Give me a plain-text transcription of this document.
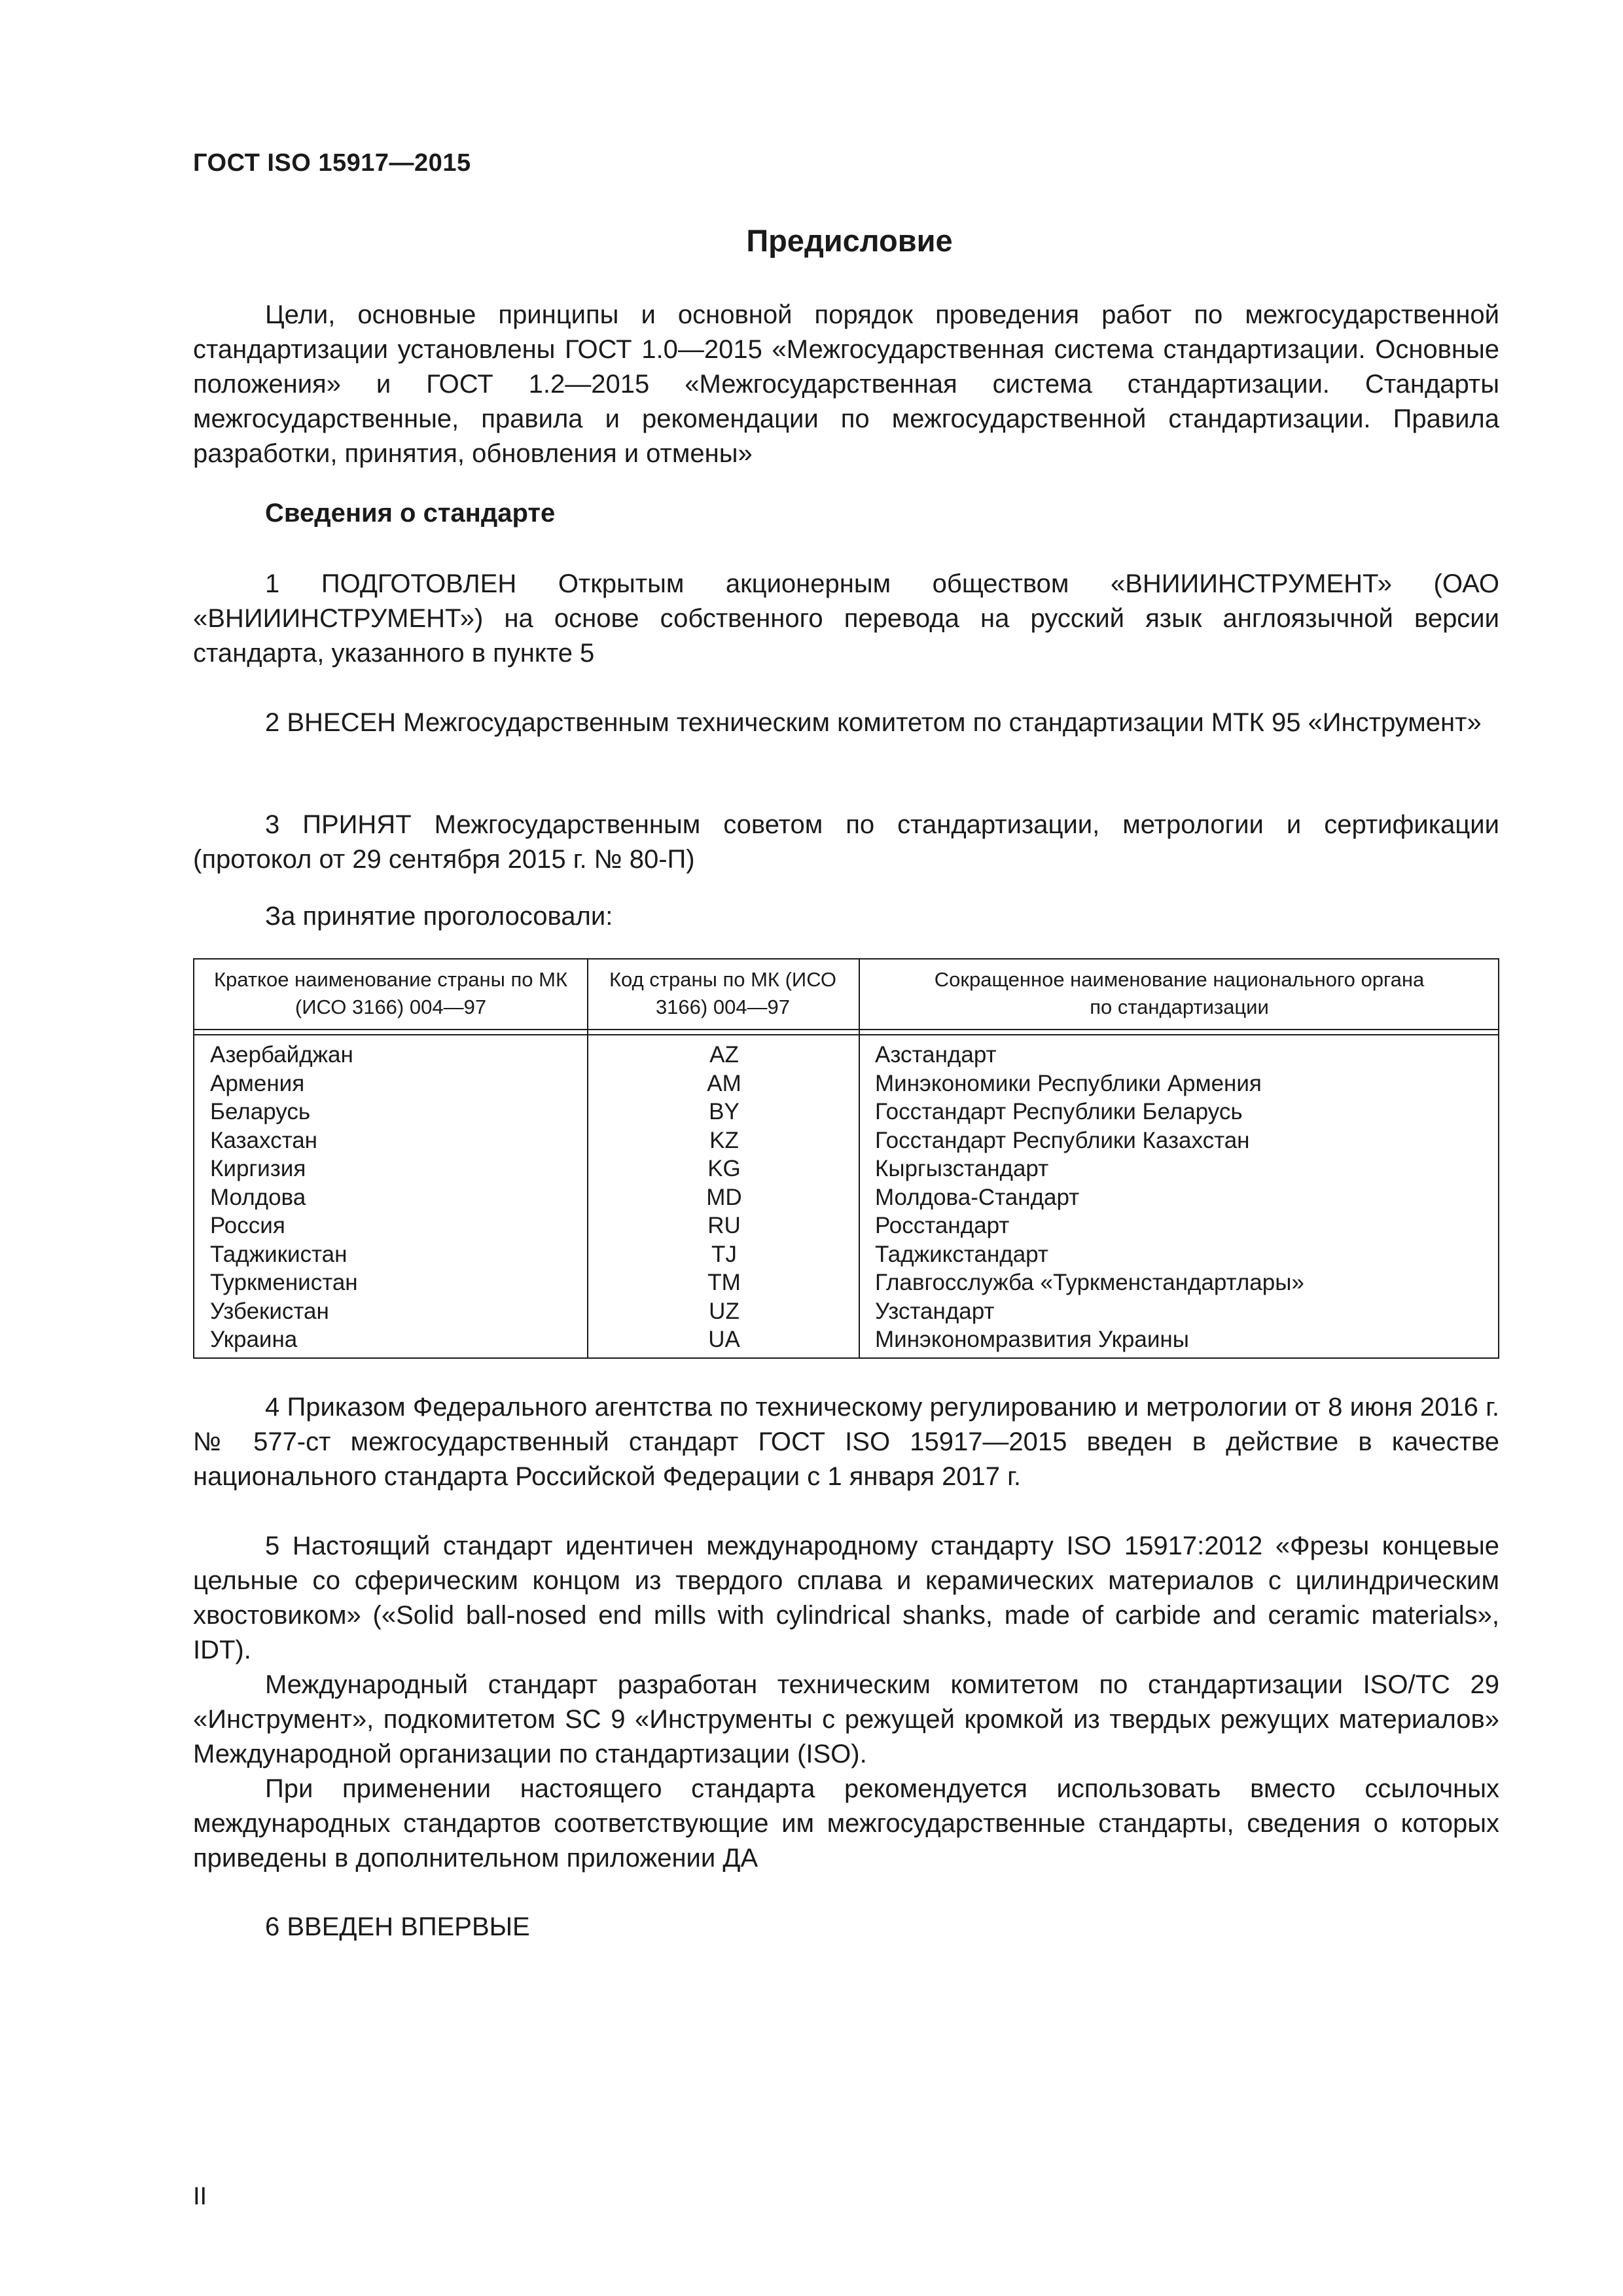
ГОСТ ISO 15917—2015
Предисловие

Цели, основные принципы и основной порядок проведения работ по межгосударственной стандартизации установлены ГОСТ 1.0—2015 «Межгосударственная система стандартизации. Основные положения» и ГОСТ 1.2—2015 «Межгосударственная система стандартизации. Стандарты межгосударственные, правила и рекомендации по межгосударственной стандартизации. Правила разработки, принятия, обновления и отмены»

Сведения о стандарте

1 ПОДГОТОВЛЕН Открытым акционерным обществом «ВНИИИНСТРУМЕНТ» (ОАО «ВНИИИНСТРУМЕНТ») на основе собственного перевода на русский язык англоязычной версии стандарта, указанного в пункте 5

2 ВНЕСЕН Межгосударственным техническим комитетом по стандартизации МТК 95 «Инструмент»

3 ПРИНЯТ Межгосударственным советом по стандартизации, метрологии и сертификации (протокол от 29 сентября 2015 г. № 80-П)

За принятие проголосовали:
Краткое наименование страны по МК (ИСО 3166) 004—97
Код страны по МК (ИСО 3166) 004—97
Сокращенное наименование национального органа по стандартизации
Азербайджан
Армения
Беларусь
Казахстан
Киргизия
Молдова
Россия
Таджикистан
Туркменистан
Узбекистан
Украина
AZ
AM
BY
KZ
KG
MD
RU
TJ
TM
UZ
UA
Азстандарт
Минэкономики Республики Армения
Госстандарт Республики Беларусь
Госстандарт Республики Казахстан
Кыргызстандарт
Молдова-Стандарт
Росстандарт
Таджикстандарт
Главгосслужба «Туркменстандартлары»
Узстандарт
Минэкономразвития Украины

4 Приказом Федерального агентства по техническому регулированию и метрологии от 8 июня 2016 г. № 577-ст межгосударственный стандарт ГОСТ ISO 15917—2015 введен в действие в качестве национального стандарта Российской Федерации с 1 января 2017 г.

5 Настоящий стандарт идентичен международному стандарту ISO 15917:2012 «Фрезы концевые цельные со сферическим концом из твердого сплава и керамических материалов с цилиндрическим хвостовиком» («Solid ball-nosed end mills with cylindrical shanks, made of carbide and ceramic materials», IDT).

Международный стандарт разработан техническим комитетом по стандартизации ISO/TC 29 «Инструмент», подкомитетом SC 9 «Инструменты с режущей кромкой из твердых режущих материалов» Международной организации по стандартизации (ISO).

При применении настоящего стандарта рекомендуется использовать вместо ссылочных международных стандартов соответствующие им межгосударственные стандарты, сведения о которых приведены в дополнительном приложении ДА

6 ВВЕДЕН ВПЕРВЫЕ

II
